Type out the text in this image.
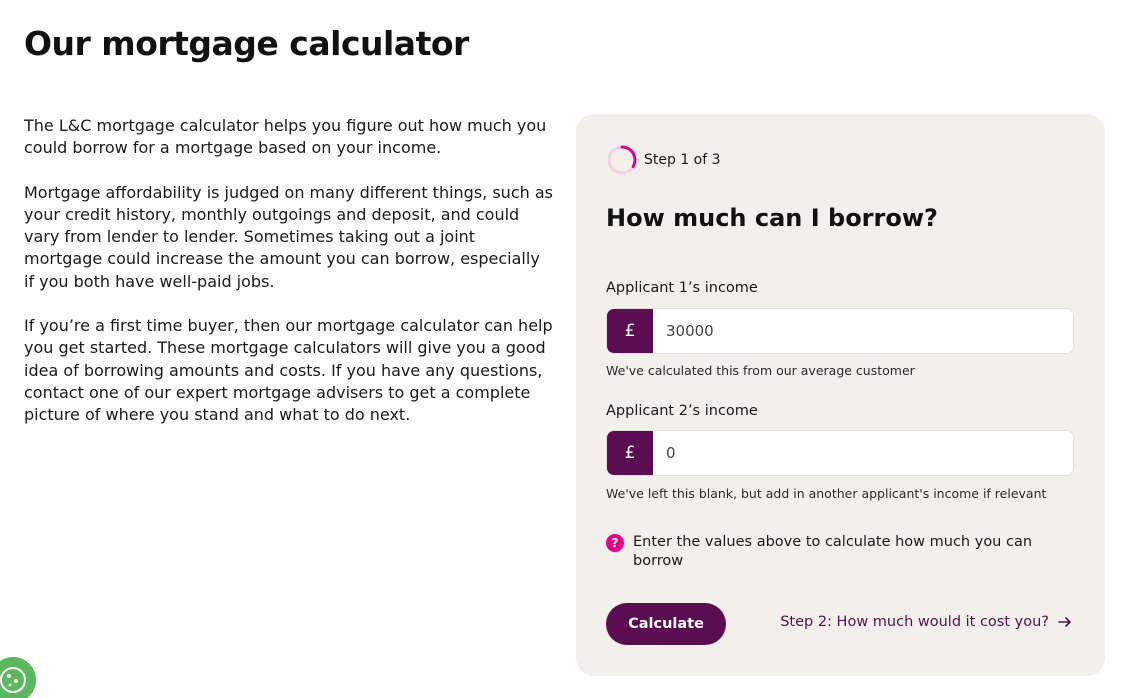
Our mortgage calculator

The L&C mortgage calculator helps you figure out how much you could borrow for a mortgage based on your income.

Mortgage affordability is judged on many different things, such as your credit history, monthly outgoings and deposit, and could vary from lender to lender. Sometimes taking out a joint mortgage could increase the amount you can borrow, especially if you both have well-paid jobs.

If you’re a first time buyer, then our mortgage calculator can help you get started. These mortgage calculators will give you a good idea of borrowing amounts and costs. If you have any questions, contact one of our expert mortgage advisers to get a complete picture of where you stand and what to do next.

Step 1 of 3
How much can I borrow?
Applicant 1’s income
£
30000
We've calculated this from our average customer
Applicant 2’s income
£
0
We've left this blank, but add in another applicant's income if relevant
?	Enter the values above to calculate how much you can borrow
Calculate	Step 2: How much would it cost you?
